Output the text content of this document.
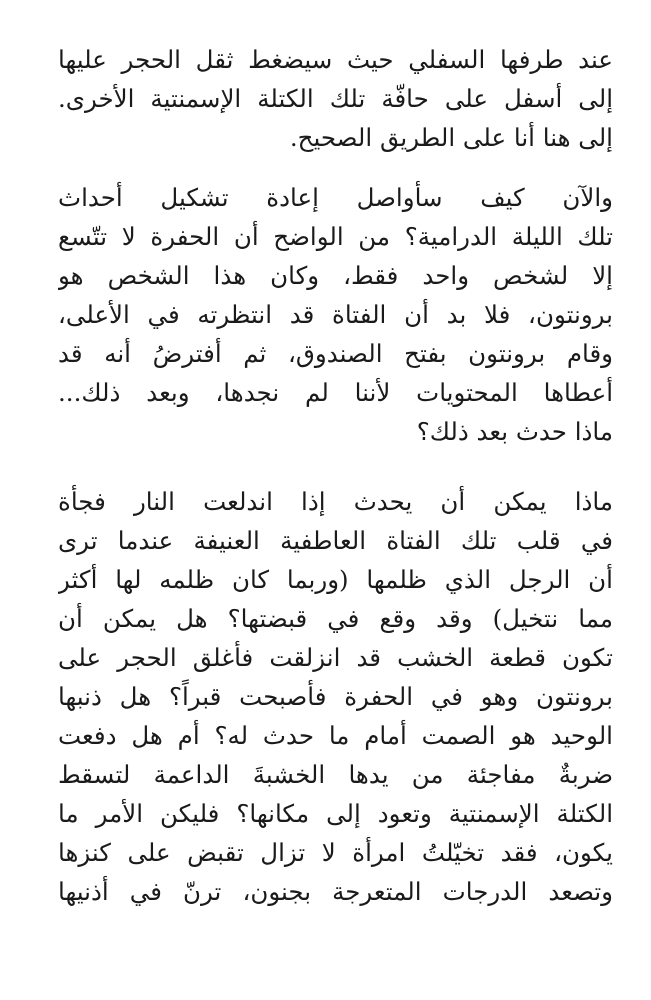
عند طرفها السفلي حيث سيضغط ثقل الحجر عليها
إلى أسفل على حافّة تلك الكتلة الإسمنتية الأخرى.
إلى هنا أنا على الطريق الصحيح.
والآن كيف سأواصل إعادة تشكيل أحداث
تلك الليلة الدرامية؟ من الواضح أن الحفرة لا تتّسع
إلا لشخص واحد فقط، وكان هذا الشخص هو
برونتون، فلا بد أن الفتاة قد انتظرته في الأعلى،
وقام برونتون بفتح الصندوق، ثم أفترضُ أنه قد
أعطاها المحتويات لأننا لم نجدها، وبعد ذلك...
ماذا حدث بعد ذلك؟
ماذا يمكن أن يحدث إذا اندلعت النار فجأة
في قلب تلك الفتاة العاطفية العنيفة عندما ترى
أن الرجل الذي ظلمها (وربما كان ظلمه لها أكثر
مما نتخيل) وقد وقع في قبضتها؟ هل يمكن أن
تكون قطعة الخشب قد انزلقت فأغلق الحجر على
برونتون وهو في الحفرة فأصبحت قبراً؟ هل ذنبها
الوحيد هو الصمت أمام ما حدث له؟ أم هل دفعت
ضربةٌ مفاجئة من يدها الخشبةَ الداعمة لتسقط
الكتلة الإسمنتية وتعود إلى مكانها؟ فليكن الأمر ما
يكون، فقد تخيّلتُ امرأة لا تزال تقبض على كنزها
وتصعد الدرجات المتعرجة بجنون، ترنّ في أذنيها
